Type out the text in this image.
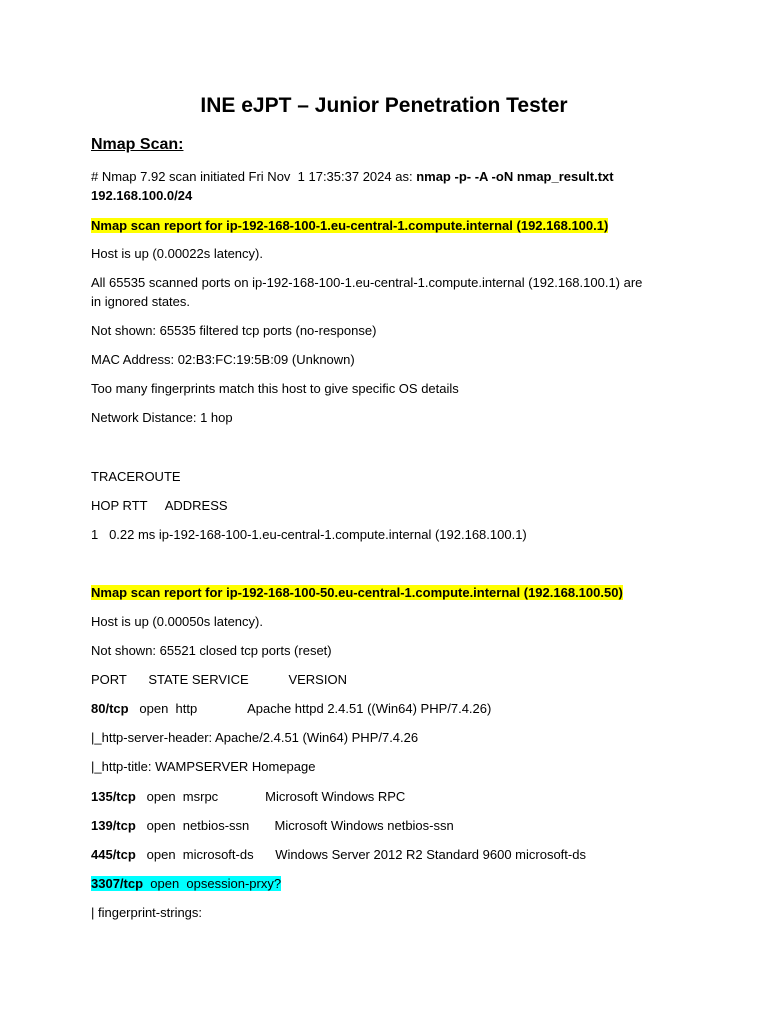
INE eJPT – Junior Penetration Tester
Nmap Scan:
# Nmap 7.92 scan initiated Fri Nov  1 17:35:37 2024 as: nmap -p- -A -oN nmap_result.txt
192.168.100.0/24
Nmap scan report for ip-192-168-100-1.eu-central-1.compute.internal (192.168.100.1)
Host is up (0.00022s latency).
All 65535 scanned ports on ip-192-168-100-1.eu-central-1.compute.internal (192.168.100.1) are in ignored states.
Not shown: 65535 filtered tcp ports (no-response)
MAC Address: 02:B3:FC:19:5B:09 (Unknown)
Too many fingerprints match this host to give specific OS details
Network Distance: 1 hop
TRACEROUTE
HOP RTT     ADDRESS
1   0.22 ms ip-192-168-100-1.eu-central-1.compute.internal (192.168.100.1)
Nmap scan report for ip-192-168-100-50.eu-central-1.compute.internal (192.168.100.50)
Host is up (0.00050s latency).
Not shown: 65521 closed tcp ports (reset)
PORT      STATE SERVICE           VERSION
80/tcp   open  http              Apache httpd 2.4.51 ((Win64) PHP/7.4.26)
|_http-server-header: Apache/2.4.51 (Win64) PHP/7.4.26
|_http-title: WAMPSERVER Homepage
135/tcp   open  msrpc             Microsoft Windows RPC
139/tcp   open  netbios-ssn       Microsoft Windows netbios-ssn
445/tcp   open  microsoft-ds      Windows Server 2012 R2 Standard 9600 microsoft-ds
3307/tcp  open  opsession-prxy?
| fingerprint-strings:
